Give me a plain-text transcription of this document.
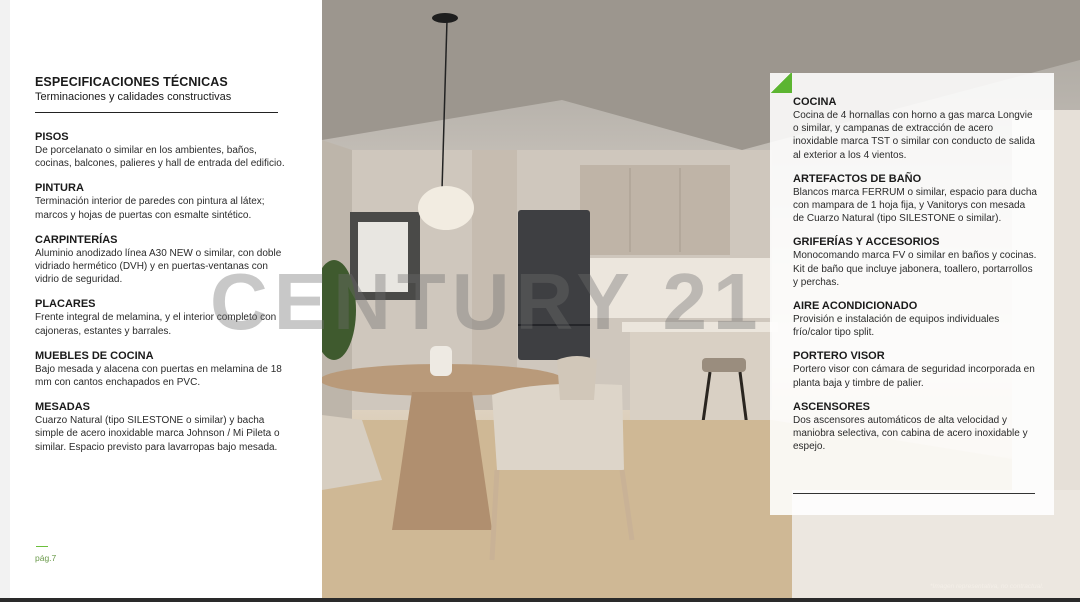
ESPECIFICACIONES TÉCNICAS
Terminaciones y calidades constructivas
PISOS

De porcelanato o similar en los ambientes, baños, cocinas, balcones, palieres y hall de entrada del edificio.

PINTURA

Terminación interior de paredes con pintura al látex; marcos y hojas de puertas con esmalte sintético.

CARPINTERÍAS

Aluminio anodizado línea A30 NEW o similar, con doble vidriado hermético (DVH) y en puertas-ventanas con vidrio de seguridad.

PLACARES

Frente integral de melamina, y el interior completo con cajoneras, estantes y barrales.

MUEBLES DE COCINA

Bajo mesada y alacena con puertas en melamina de 18 mm con cantos enchapados en PVC.

MESADAS

Cuarzo Natural (tipo SILESTONE o similar) y bacha simple de acero inoxidable marca Johnson / Mi Pileta o similar. Espacio previsto para lavarropas bajo mesada.

pág.7
CENTURY 21
COCINA

Cocina de 4 hornallas con horno a gas marca Longvie o similar, y campanas de extracción de acero inoxidable marca TST o similar con conducto de salida al exterior a los 4 vientos.

ARTEFACTOS DE BAÑO

Blancos marca FERRUM o similar, espacio para ducha con mampara de 1 hoja fija, y Vanitorys con mesada de Cuarzo Natural (tipo SILESTONE o similar).

GRIFERÍAS Y ACCESORIOS

Monocomando marca FV o similar en baños y cocinas. Kit de baño que incluye jabonera, toallero, portarrollos y perchas.

AIRE ACONDICIONADO

Provisión e instalación de equipos individuales frío/calor tipo split.

PORTERO VISOR

Portero visor con cámara de seguridad incorporada en planta baja y timbre de palier.

ASCENSORES

Dos ascensores automáticos de alta velocidad y maniobra selectiva, con cabina de acero inoxidable y espejo.

*Imagen representativa, no contractual.
